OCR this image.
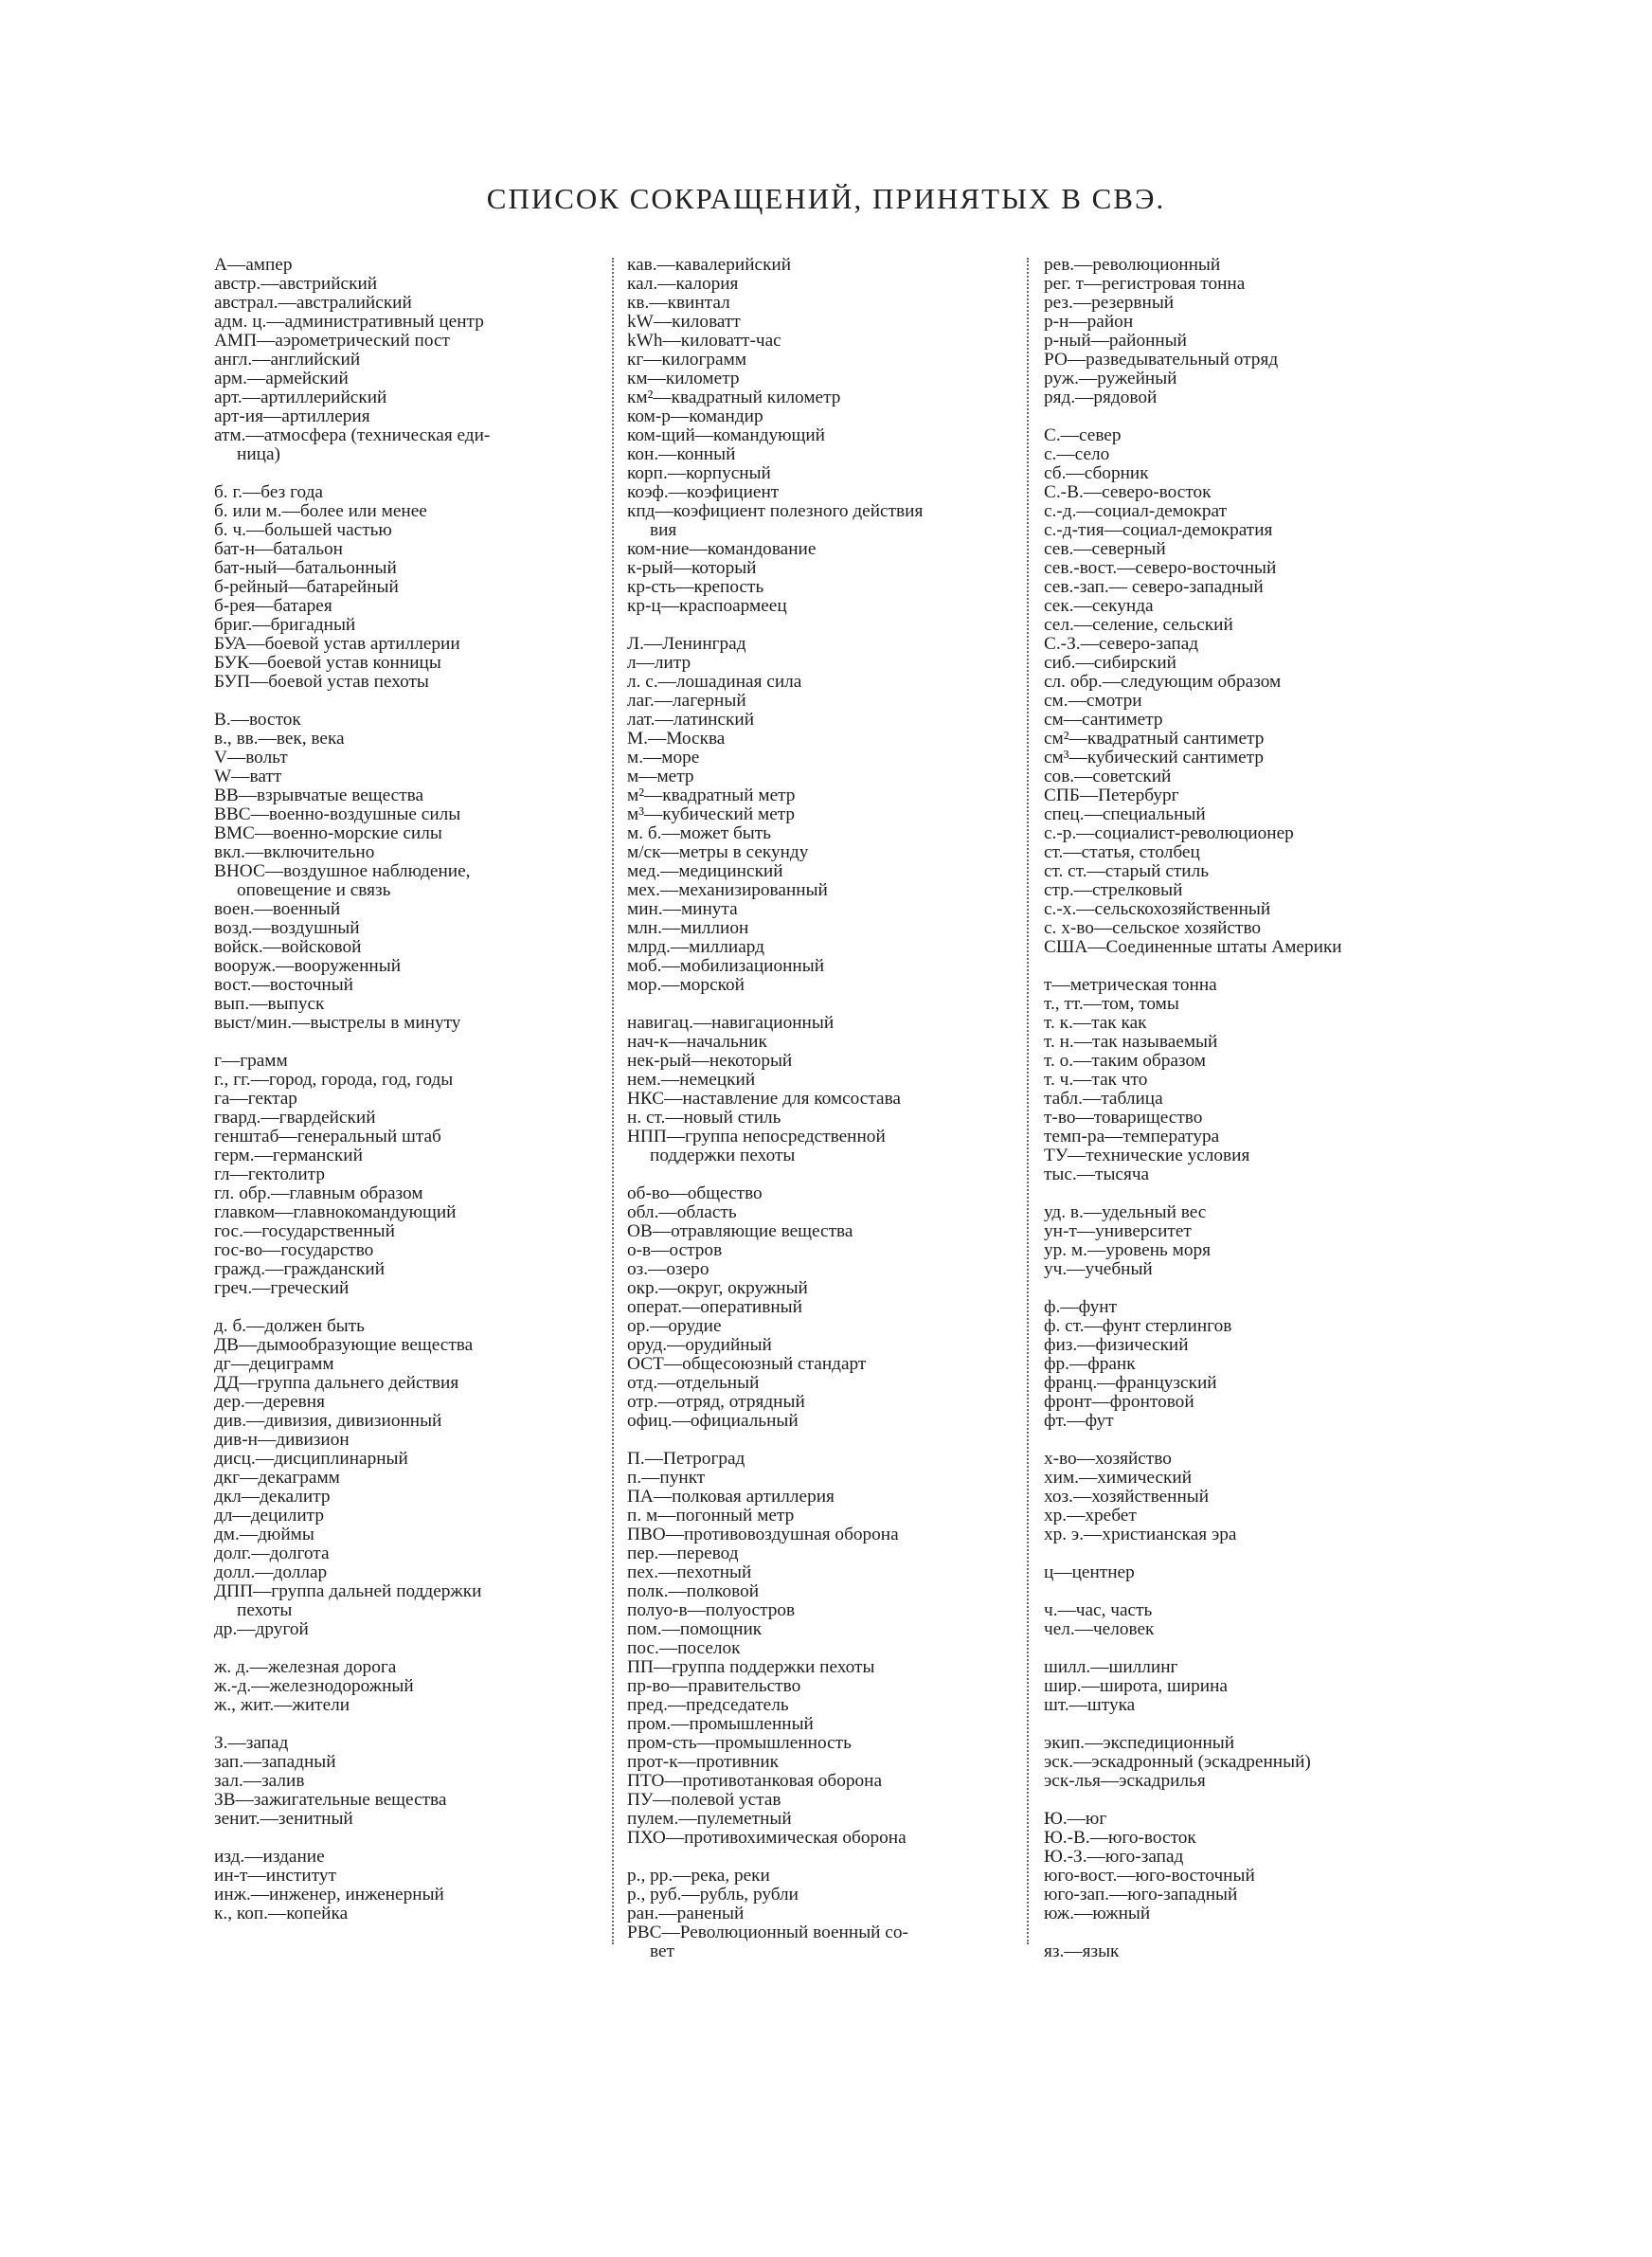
СПИСОК СОКРАЩЕНИЙ, ПРИНЯТЫХ В СВЭ.
А—ампер
австр.—австрийский
австрал.—австралийский
адм. ц.—административный центр
АМП—аэрометрический пост
англ.—английский
арм.—армейский
арт.—артиллерийский
арт-ия—артиллерия
атм.—атмосфера (техническая еди-
ница)
б. г.—без года
б. или м.—более или менее
б. ч.—большей частью
бат-н—батальон
бат-ный—батальонный
б-рейный—батарейный
б-рея—батарея
бриг.—бригадный
БУА—боевой устав артиллерии
БУК—боевой устав конницы
БУП—боевой устав пехоты
В.—восток
в., вв.—век, века
V—вольт
W—ватт
ВВ—взрывчатые вещества
ВВС—военно-воздушные силы
ВМС—военно-морские силы
вкл.—включительно
ВНОС—воздушное наблюдение,
оповещение и связь
воен.—военный
возд.—воздушный
войск.—войсковой
вооруж.—вооруженный
вост.—восточный
вып.—выпуск
выст/мин.—выстрелы в минуту
г—грамм
г., гг.—город, города, год, годы
га—гектар
гвард.—гвардейский
генштаб—генеральный штаб
герм.—германский
гл—гектолитр
гл. обр.—главным образом
главком—главнокомандующий
гос.—государственный
гос-во—государство
гражд.—гражданский
греч.—греческий
д. б.—должен быть
ДВ—дымообразующие вещества
дг—дециграмм
ДД—группа дальнего действия
дер.—деревня
див.—дивизия, дивизионный
див-н—дивизион
дисц.—дисциплинарный
дкг—декаграмм
дкл—декалитр
дл—децилитр
дм.—дюймы
долг.—долгота
долл.—доллар
ДПП—группа дальней поддержки
пехоты
др.—другой
ж. д.—железная дорога
ж.-д.—железнодорожный
ж., жит.—жители
З.—запад
зап.—западный
зал.—залив
ЗВ—зажигательные вещества
зенит.—зенитный
изд.—издание
ин-т—институт
инж.—инженер, инженерный
к., коп.—копейка
кав.—кавалерийский
кал.—калория
кв.—квинтал
kW—киловатт
kWh—киловатт-час
кг—килограмм
км—километр
км²—квадратный километр
ком-р—командир
ком-щий—командующий
кон.—конный
корп.—корпусный
коэф.—коэфициент
кпд—коэфициент полезного действия
вия
ком-ние—командование
к-рый—который
кр-сть—крепость
кр-ц—краспоармеец
Л.—Ленинград
л—литр
л. с.—лошадиная сила
лаг.—лагерный
лат.—латинский
М.—Москва
м.—море
м—метр
м²—квадратный метр
м³—кубический метр
м. б.—может быть
м/ск—метры в секунду
мед.—медицинский
мех.—механизированный
мин.—минута
млн.—миллион
млрд.—миллиард
моб.—мобилизационный
мор.—морской
навигац.—навигационный
нач-к—начальник
нек-рый—некоторый
нем.—немецкий
НКС—наставление для комсостава
н. ст.—новый стиль
НПП—группа непосредственной
поддержки пехоты
об-во—общество
обл.—область
ОВ—отравляющие вещества
о-в—остров
оз.—озеро
окр.—округ, окружный
операт.—оперативный
ор.—орудие
оруд.—орудийный
ОСТ—общесоюзный стандарт
отд.—отдельный
отр.—отряд, отрядный
офиц.—официальный
П.—Петроград
п.—пункт
ПА—полковая артиллерия
п. м—погонный метр
ПВО—противовоздушная оборона
пер.—перевод
пех.—пехотный
полк.—полковой
полуо-в—полуостров
пом.—помощник
пос.—поселок
ПП—группа поддержки пехоты
пр-во—правительство
пред.—председатель
пром.—промышленный
пром-сть—промышленность
прот-к—противник
ПТО—противотанковая оборона
ПУ—полевой устав
пулем.—пулеметный
ПХО—противохимическая оборона
р., рр.—река, реки
р., руб.—рубль, рубли
ран.—раненый
РВС—Революционный военный со-
вет
рев.—революционный
рег. т—регистровая тонна
рез.—резервный
р-н—район
р-ный—районный
РО—разведывательный отряд
руж.—ружейный
ряд.—рядовой
С.—север
с.—село
сб.—сборник
С.-В.—северо-восток
с.-д.—социал-демократ
с.-д-тия—социал-демократия
сев.—северный
сев.-вост.—северо-восточный
сев.-зап.— северо-западный
сек.—секунда
сел.—селение, сельский
С.-З.—северо-запад
сиб.—сибирский
сл. обр.—следующим образом
см.—смотри
см—сантиметр
см²—квадратный сантиметр
см³—кубический сантиметр
сов.—советский
СПБ—Петербург
спец.—специальный
с.-р.—социалист-революционер
ст.—статья, столбец
ст. ст.—старый стиль
стр.—стрелковый
с.-х.—сельскохозяйственный
с. х-во—сельское хозяйство
США—Соединенные штаты Америки
т—метрическая тонна
т., тт.—том, томы
т. к.—так как
т. н.—так называемый
т. о.—таким образом
т. ч.—так что
табл.—таблица
т-во—товарищество
темп-ра—температура
ТУ—технические условия
тыс.—тысяча
уд. в.—удельный вес
ун-т—университет
ур. м.—уровень моря
уч.—учебный
ф.—фунт
ф. ст.—фунт стерлингов
физ.—физический
фр.—франк
франц.—французский
фронт—фронтовой
фт.—фут
х-во—хозяйство
хим.—химический
хоз.—хозяйственный
хр.—хребет
хр. э.—христианская эра
ц—центнер
ч.—час, часть
чел.—человек
шилл.—шиллинг
шир.—широта, ширина
шт.—штука
экип.—экспедиционный
эск.—эскадронный (эскадренный)
эск-лья—эскадрилья
Ю.—юг
Ю.-В.—юго-восток
Ю.-З.—юго-запад
юго-вост.—юго-восточный
юго-зап.—юго-западный
юж.—южный
яз.—язык
